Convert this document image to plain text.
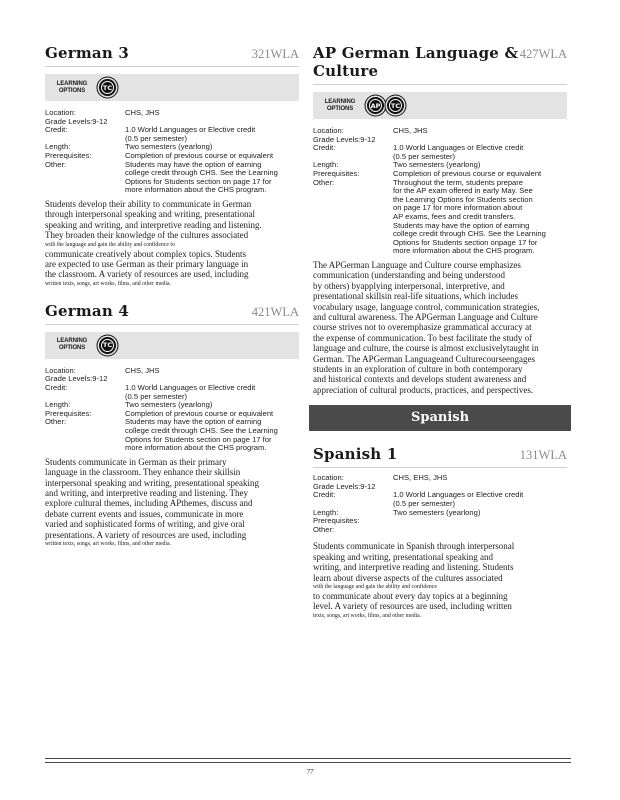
German 3	321WLA
LEARNING
OPTIONS	TC
Location:	CHS, JHS
Grade Levels:9-12
Credit:	1.0 World Languages or Elective credit
(0.5 per semester)
Length:	Two semesters (yearlong)
Prerequisites:	Completion of previous course or equivalent
Other:	Students may have the option of earning
college credit through CHS. See the Learning
Options for Students section on page 17 for
more information about the CHS program.
Students develop their ability to communicate in German
through interpersonal speaking and writing, presentational
speaking and writing, and interpretive reading and listening.
They broaden their knowledge of the cultures associated
with the language and gain the ability and confidence to
communicate creatively about complex topics. Students
are expected to use German as their primary language in
the classroom. A variety of resources are used, including
written texts, songs, art works, films, and other media.
German 4	421WLA
LEARNING
OPTIONS	TC
Location:	CHS, JHS
Grade Levels:9-12
Credit:	1.0 World Languages or Elective credit
(0.5 per semester)
Length:	Two semesters (yearlong)
Prerequisites:	Completion of previous course or equivalent
Other:	Students may have the option of earning
college credit through CHS. See the Learning
Options for Students section on page 17 for
more information about the CHS program.
Students communicate in German as their primary
language in the classroom. They enhance their skillsin
interpersonal speaking and writing, presentational speaking
and writing, and interpretive reading and listening. They
explore cultural themes, including APthemes, discuss and
debate current events and issues, communicate in more
varied and sophisticated forms of writing, and give oral
presentations. A variety of resources are used, including
written texts, songs, art works, films, and other media.
AP German Language & Culture
427WLA
LEARNING
OPTIONS	AP TC
Location:	CHS, JHS
Grade Levels:9-12
Credit:	1.0 World Languages or Elective credit
(0.5 per semester)
Length:	Two semesters (yearlong)
Prerequisites:	Completion of previous course or equivalent
Other:	Throughout the term, students prepare
for the AP exam offered in early May. See
the Learning Options for Students section
on page 17 for more information about
AP exams, fees and credit transfers.
Students may have the option of earning
college credit through CHS. See the Learning
Options for Students section onpage 17 for
more information about the CHS program.
The APGerman Language and Culture course emphasizes
communication (understanding and being understood
by others) byapplying interpersonal, interpretive, and
presentational skillsin real-life situations, which includes
vocabulary usage, language control, communication strategies,
and cultural awareness. The APGerman Language and Culture
course strives not to overemphasize grammatical accuracy at
the expense of communication. To best facilitate the study of
language and culture, the course is almost exclusivelytaught in
German. The APGerman Languageand Culturecourseengages
students in an exploration of culture in both contemporary
and historical contexts and develops student awareness and
appreciation of cultural products, practices, and perspectives.
Spanish
Spanish 1	131WLA
Location:	CHS, EHS, JHS
Grade Levels:9-12
Credit:	1.0 World Languages or Elective credit
(0.5 per semester)
Length:	Two semesters (yearlong)
Prerequisites:
Other:
Students communicate in Spanish through interpersonal
speaking and writing, presentational speaking and
writing, and interpretive reading and listening. Students
learn about diverse aspects of the cultures associated
with the language and gain the ability and confidence
to communicate about every day topics at a beginning
level. A variety of resources are used, including written
texts, songs, art works, films, and other media.
77
